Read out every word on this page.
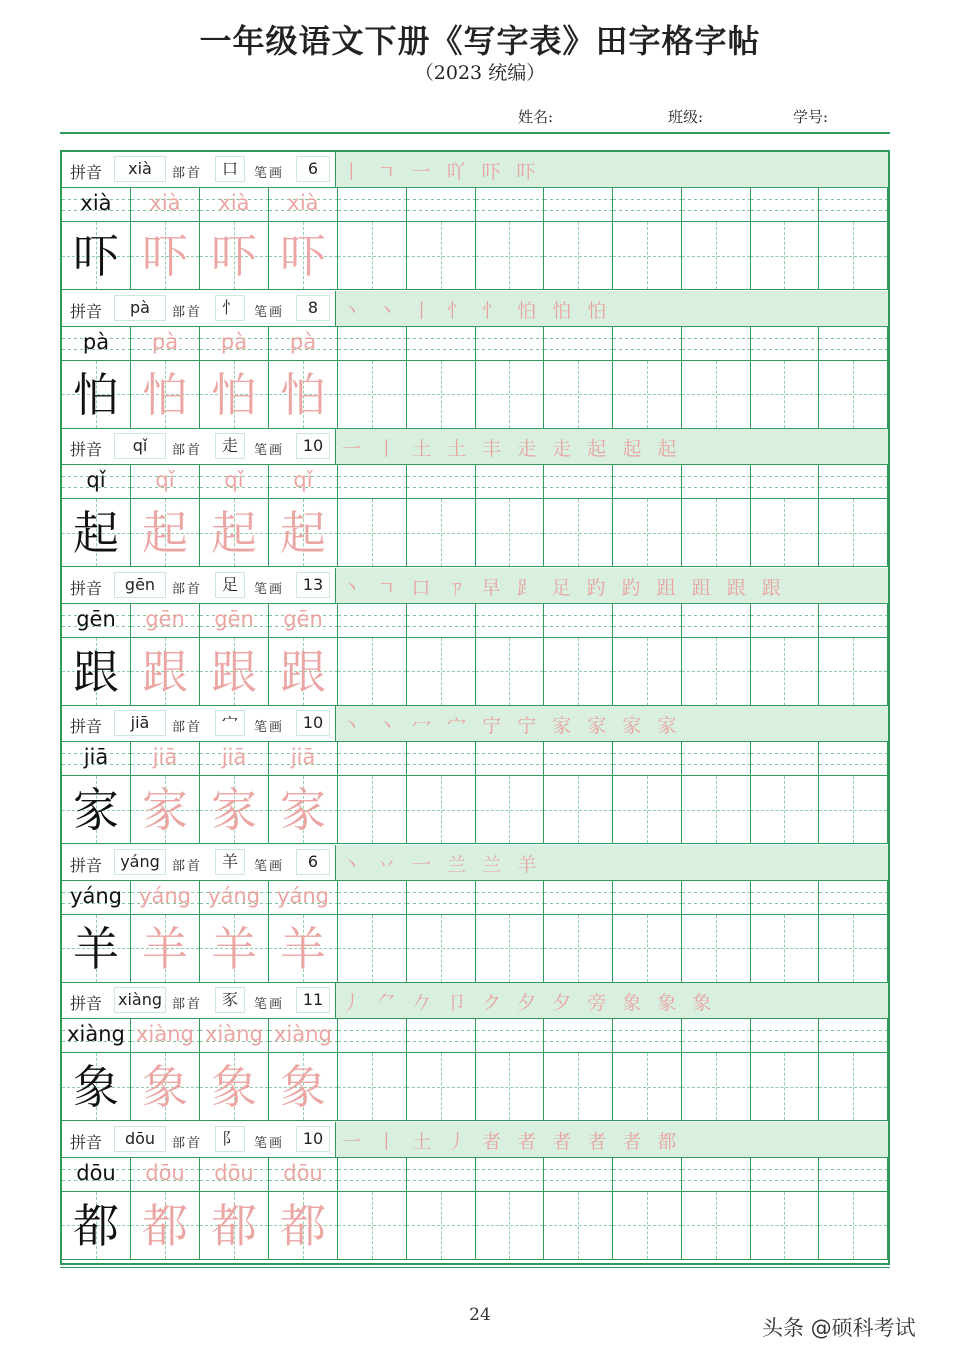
一年级语文下册《写字表》田字格字帖
（2023 统编）
姓名:	班级:	学号:
拼音	xià	部首	口	笔画	6	丨 ㄱ 一 吖 吓 吓
xià	xià	xià	xià
吓 吓 吓 吓
拼音	pà	部首	忄	笔画	8	丶 丶 丨 忄 忄 怕 怕 怕
pà	pà	pà	pà
怕 怕 怕 怕
拼音	qǐ	部首	走	笔画	10 一 丨 土 土 丰 走 走 起 起 起
qǐ	qǐ	qǐ	qǐ
起 起 起 起
拼音	gēn	部首	足	笔画	13 丶 ㄱ 口 ㄗ 早 ⻊ 足 趵 趵 跙 跙 跟 跟
gēn	gēn	gēn	gēn
跟 跟 跟 跟
拼音	jiā	部首	宀	笔画	10 丶 丶 冖 宀 宁 宁 家 家 家 家
jiā	jiā	jiā	jiā
家 家 家 家
拼音	yáng 部首	羊	笔画	6	丶 丷 一 兰 兰 羊
yáng yáng yáng yáng
羊 羊 羊 羊
拼音 xiàng 部首	豕	笔画	11 丿 ⺈ 𠂊 卩 ク 夕 夕 旁 象 象 象
xiàng xiàng xiàng xiàng
象 象 象 象
拼音	dōu	部首	阝	笔画	10 一 丨 土 丿 者 者 者 者 者 都
dōu	dōu	dōu	dōu
都 都 都 都
24
头条 @硕科考试
